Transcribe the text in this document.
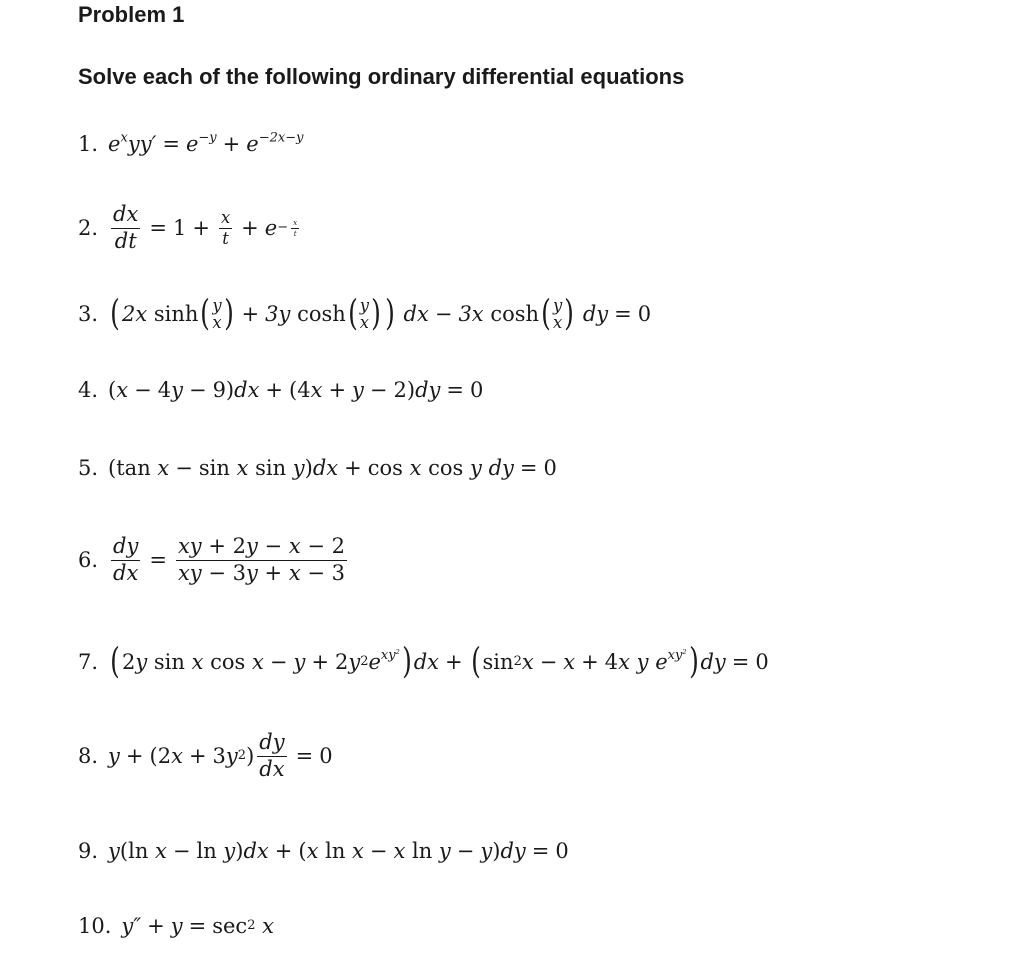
Problem 1
Solve each of the following ordinary differential equations
1. $e^xyy' = e^{-y} + e^{-2x-y}$
2. $\frac{dx}{dt} = 1 + \frac{x}{t} + e - \frac{x}{t}$
3. ( 2x sinh ( y
x ) + 3y cosh ( y
x ) )
dx − 3x cosh ( y
x )
dy = 0
4. ( x − 4 y − 9) dx + (4 x + y − 2) dy = 0
5. (tan x − sin x sin y ) dx + cos x cos y
dy = 0
6. $\frac{dy}{dx} = \frac{xy + 2y - x - 2}{xy - 3y + x - 3}$
7. ( 2 y sin x cos x − y + 2 y 2 $e^{xy^2}$ ) dx + ( sin 2 x − x + 4 x
y
$e^{xy^2}$ ) dy = 0
8. y + (2 x + 3 y 2 ) $\frac{dy}{dx} = 0$
9. y (ln x − ln y ) dx + ( x ln x − x ln y − y ) dy = 0
10. y″ + y = sec 2
x
